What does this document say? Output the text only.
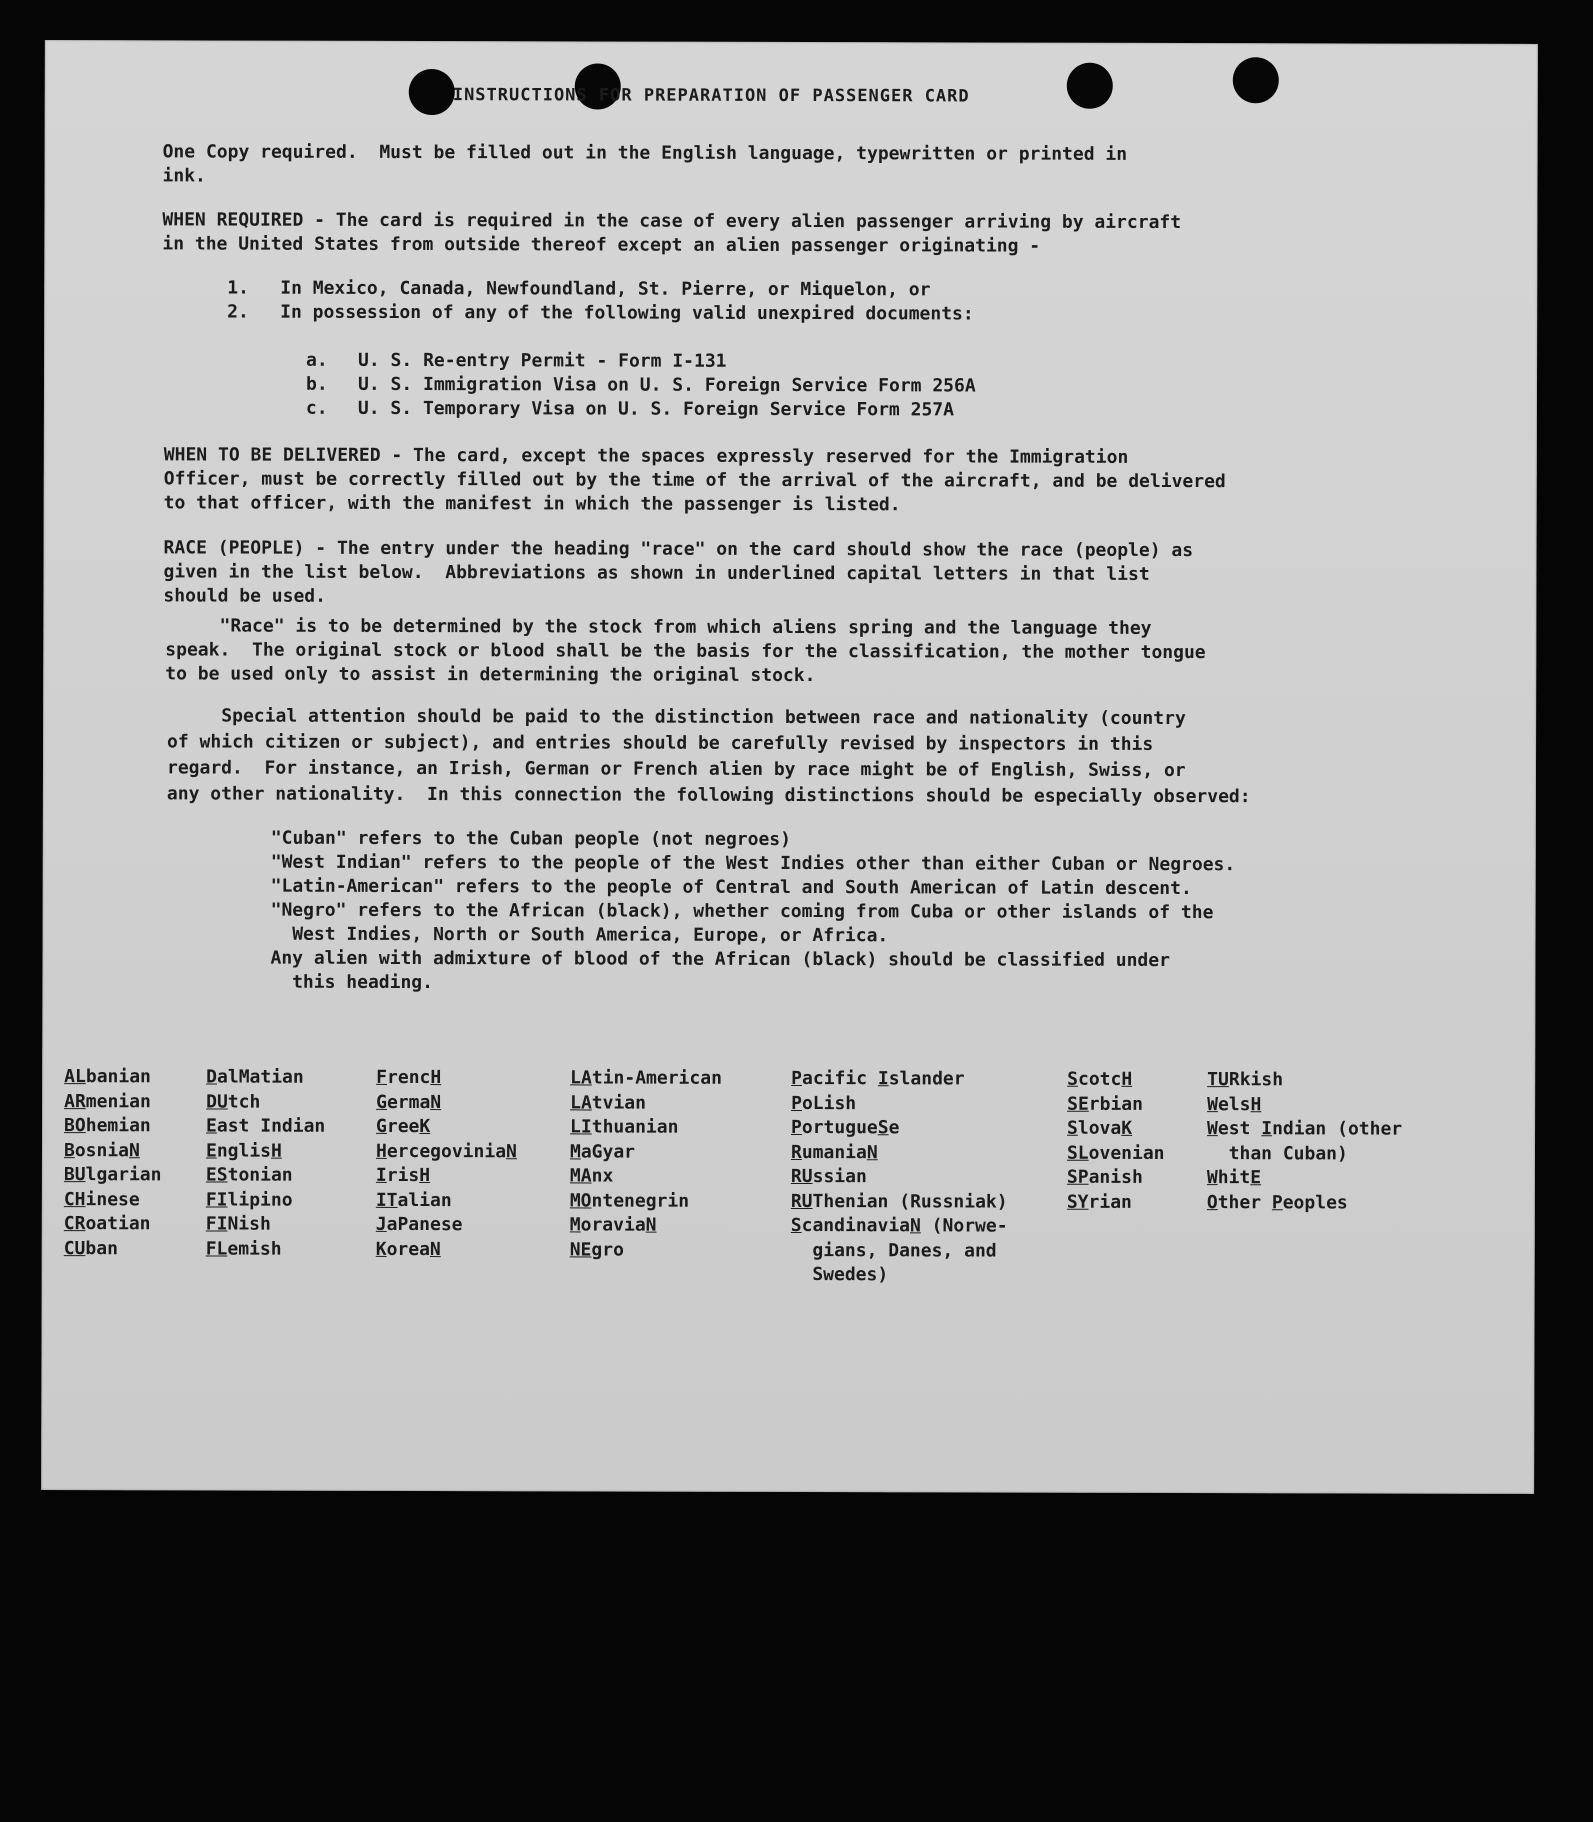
INSTRUCTIONS FOR PREPARATION OF PASSENGER CARD
One Copy required.  Must be filled out in the English language, typewritten or printed in
ink.
WHEN REQUIRED - The card is required in the case of every alien passenger arriving by aircraft
in the United States from outside thereof except an alien passenger originating -
1. In Mexico, Canada, Newfoundland, St. Pierre, or Miquelon, or
2. In possession of any of the following valid unexpired documents:
a. U. S. Re-entry Permit - Form I-131
b. U. S. Immigration Visa on U. S. Foreign Service Form 256A
c. U. S. Temporary Visa on U. S. Foreign Service Form 257A
WHEN TO BE DELIVERED - The card, except the spaces expressly reserved for the Immigration
Officer, must be correctly filled out by the time of the arrival of the aircraft, and be delivered
to that officer, with the manifest in which the passenger is listed.
RACE (PEOPLE) - The entry under the heading "race" on the card should show the race (people) as
given in the list below.  Abbreviations as shown in underlined capital letters in that list
should be used.
"Race" is to be determined by the stock from which aliens spring and the language they
speak.  The original stock or blood shall be the basis for the classification, the mother tongue
to be used only to assist in determining the original stock.
Special attention should be paid to the distinction between race and nationality (country
of which citizen or subject), and entries should be carefully revised by inspectors in this
regard.  For instance, an Irish, German or French alien by race might be of English, Swiss, or
any other nationality.  In this connection the following distinctions should be especially observed:
"Cuban" refers to the Cuban people (not negroes)
"West Indian" refers to the people of the West Indies other than either Cuban or Negroes.
"Latin-American" refers to the people of Central and South American of Latin descent.
"Negro" refers to the African (black), whether coming from Cuba or other islands of the
West Indies, North or South America, Europe, or Africa.
Any alien with admixture of blood of the African (black) should be classified under
this heading.
ALbanian
ARmenian
BOhemian
BosniaN
BUlgarian
CHinese
CRoatian
CUban
DalMatian
DUtch
East Indian
EnglisH
EStonian
FIlipino
FINish
FLemish
FrencH
GermaN
GreeK
HercegoviniaN
IrisH
ITalian
JaPanese
KoreaN
LAtin-American
LAtvian
LIthuanian
MaGyar
MAnx
MOntenegrin
MoraviaN
NEgro
Pacific Islander
PoLish
PortugueSe
RumaniaN
RUssian
RUThenian (Russniak)
ScandinaviaN (Norwe-
gians, Danes, and
Swedes)
ScotcH
SErbian
SlovaK
SLovenian
SPanish
SYrian
TURkish
WelsH
West Indian (other
than Cuban)
WhitE
Other Peoples
